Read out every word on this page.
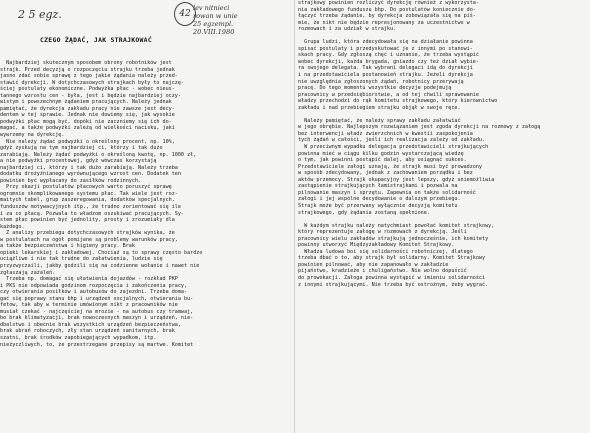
2 5 egz.	42
lev nitnieci
rowan w unie
25 egzempl.
20.VIII.1980
CZEGO ŻĄDAĆ, JAK STRAJKOWAĆ
Najbardziej skutecznym sposobem obrony robotników jest
strajk. Przed decyzją o rozpoczęciu strajku trzeba jednak
jasno zdać sobie sprawę z tego jakie żądania należy przed-
stawić dyrekcji. W dotychczasowych strajkach były to najczę-
ściej postulaty ekonomiczne. Podwyżka płac - wobec nieus-
tannego wzrostu cen - była, jest i będzie najbardziej oczy-
wistym i powszechnym żądaniem pracujących. Należy jednak
pamiętać, że dyrekcja zakładu pracy nie zawsze jest decy-
dentem w tej sprawie. Jednak nie dowiemy się, jak wysokie
podwyżki płac mogą być, dopóki nie zaczniemy się ich do-
magać, a także podwyżki zależą od wielkości nacisku, jaki
wywrzemy na dyrekcję.
Nie należy żądać podwyżki o określony procent, np. 10%,
gdyż zyskują na tym najbardziej ci, którzy i tak dużo
zarabiają. Należy żądać podwyżki o określoną kwotę, np. 1000 zł,
a nie podwyżki procentowej, gdyż wówczas korzystają
najbardziej ci, którzy i tak dużo zarabiają. Należy trzeba
dodatku drożyźnianego wyrównującego wzrost cen. Dodatek ten
powinien być wypłacany do zasiłków rodzinnych.
Przy okazji postulatów płacowych warto poruszyć sprawę
ogromnie skomplikowanego systemu płac. Tak wiele jest roz-
maitych tabel, grup zaszeregowania, dodatków specjalnych,
funduszów motywacyjnych itp., że trudno zorientować się ile
i za co płacą. Pozwala to władzom oszukiwać pracujących. Sy-
stem płac powinien być jednolity, prosty i zrozumiały dla
każdego.
Z analizy przebiegu dotychczasowych strajków wynika, że
w postulatach na ogół pomijane są problemy warunków pracy,
a także bezpieczeństwa i higieny pracy. Brak
opieki lekarskiej i zakładowej. Chociaż są to sprawy często bardzo
uciążliwe i nie tak trudne do załatwienia, ludzie się
przyzwyczaili, jakby godzili się na codzienne wołanie i nawet nie
zgłaszają zażaleń.
Trzeba np. domagać się ułatwienia dojazdów - rozkład PKP
i PKS nie odpowiada godzinom rozpoczęcia i zakończenia pracy,
czy otwierania posiłków i autobusów do zajezdni. Trzeba doma-
gać się poprawy stanu bhp i urządzeń socjalnych, otwierania bu-
fetów, tak aby w terminie umówionym nikt z pracowników nie
musiał czekać - najczęściej na mrozie - na autobus czy tramwaj,
bo brak klimatyzacji, brak nowoczesnych maszyn i urządzeń, nie-
dbalstwo i obecnie brak wszystkich urządzeń bezpieczeństwa,
brak ubrań roboczych, zły stan urządzeń sanitarnych, brak
szatni, brak środków zapobiegających wypadkom, itp.
nieżyczliwych, to, że przestrzegane przepisy są martwe. Komitet
strajkowy powinien rozliczyć dyrekcję również z wykorzysta-
nia zakładowego funduszu bhp. Do postulatów koniecznie do-
łączyć trzeba żądanie, by dyrekcja zobowiązała się na piś-
mie, że nikt nie będzie represjonowany za uczestnictwo w
rozmowach i za udział w strajku.
Grupa ludzi, która zdecydowała się na działanie powinna
spisać postulaty i przedyskutować je z innymi po stanowi-
skach pracy. Gdy zgłoszą chęć i uznanie, że trzeba wystąpić
wobec dyrekcji, każda brygada, gniazdo czy też dział wybie-
ra swojego delegata. Tak wybrani delegaci idą do dyrekcji
i na przedstawiciela postanowień strajku. Jeżeli dyrekcja
nie uwzględnia zgłoszonych żądań, robotnicy przerywają
pracę. Do tego momentu wszystkie decyzje podejmują
pracownicy w przedsiębiorstwie, a od tej chwili sprawowanie
władzy przechodzi do rąk komitetu strajkowego, który kierownictwo
zakładu i nad przebiegiem strajku objął w swoje ręce.
Należy pamiętać, że należy sprawy zakładu załatwiać
w jego obrębie. Najlepszym rozwiązaniem jest zgoda dyrekcji na rozmowy z załogą
bez interwencji władz zwierzchnich w kwestii zaspokojenia
tych żądań w całości, jeśli ich realizacja zależy od zakładu.
W przeciwnym wypadku delegacja przedstawicieli strajkujących
powinna mieć w ciągu kilku godzin wystarczającą wiedzę
o tym, jak powinni postąpić dalej, aby osiągnąć sukces.
Przedstawiciele załogi uznają, że strajk musi być prowadzony
w sposób zdecydowany, jednak z zachowaniem porządku i bez
aktów przemocy. Strajk okupacyjny jest lepszy, gdyż uniemożliwia
zastąpienie strajkujących łamistrajkami i pozwala na
pilnowanie maszyn i sprzętu. Zapewnia on także solidarność
załogi i jej wspólne decydowanie o dalszym przebiegu.
Strajk może być przerwany wyłącznie decyzją komitetu
strajkowego, gdy żądania zostaną spełnione.
W każdym strajku należy natychmiast powołać komitet strajkowy,
który reprezentuje załogę w rozmowach z dyrekcją. Jeśli
pracownicy wielu zakładów strajkują jednocześnie, ich komitety
powinny utworzyć Międzyzakładowy Komitet Strajkowy.
Władza ludowa boi się solidarności robotniczej, dlatego
trzeba dbać o to, aby strajk był solidarny. Komitet Strajkowy
powinien pilnować, aby nie zapanowało w zakładzie
pijaństwo, kradzieże i chuligaństwo. Nie wolno dopuścić
do prowokacji. Załoga powinna wystąpić w imieniu solidarności
z innymi strajkującymi. Nie trzeba być ostrożnym, żeby wygrać.
